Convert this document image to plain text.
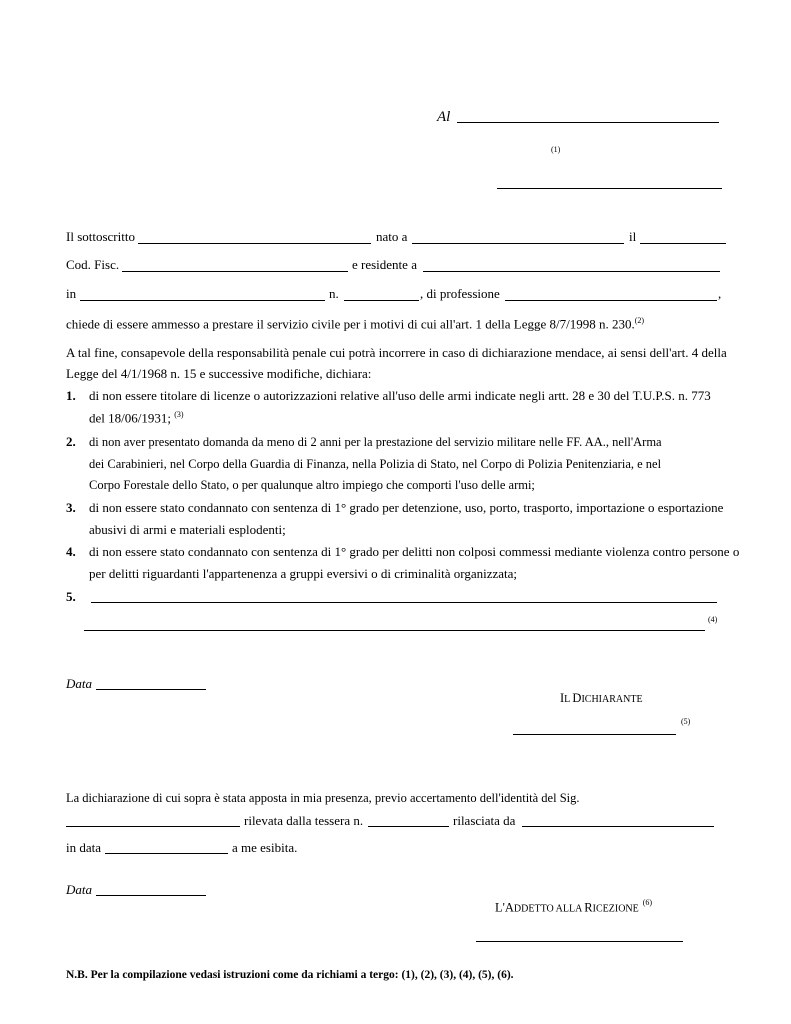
Al
(1)
Il sottoscritto	nato a	il
Cod. Fisc.	e residente a
in	n.	, di professione	,
chiede di essere ammesso a prestare il servizio civile per i motivi di cui all'art. 1 della Legge 8/7/1998 n. 230.$^{(2)}$
A tal fine, consapevole della responsabilità penale cui potrà incorrere in caso di dichiarazione mendace, ai sensi dell'art. 4 della
Legge del 4/1/1968 n. 15 e successive modifiche, dichiara:
1. di non essere titolare di licenze o autorizzazioni relative all'uso delle armi indicate negli artt. 28 e 30 del T.U.P.S. n. 773
del 18/06/1931; $^{(3)}$
2. di non aver presentato domanda da meno di 2 anni per la prestazione del servizio militare nelle FF. AA., nell'Arma
dei Carabinieri, nel Corpo della Guardia di Finanza, nella Polizia di Stato, nel Corpo di Polizia Penitenziaria, e nel
Corpo Forestale dello Stato, o per qualunque altro impiego che comporti l'uso delle armi;
3. di non essere stato condannato con sentenza di 1° grado per detenzione, uso, porto, trasporto, importazione o esportazione
abusivi di armi e materiali esplodenti;
4. di non essere stato condannato con sentenza di 1° grado per delitti non colposi commessi mediante violenza contro persone o
per delitti riguardanti l'appartenenza a gruppi eversivi o di criminalità organizzata;
5.
(4)
Data
IL DICHIARANTE
(5)
La dichiarazione di cui sopra è stata apposta in mia presenza, previo accertamento dell'identità del Sig.
rilevata dalla tessera n.	rilasciata da
in data	a me esibita.
Data
L'ADDETTO ALLA RICEZIONE $^{(6)}$
N.B. Per la compilazione vedasi istruzioni come da richiami a tergo: (1), (2), (3), (4), (5), (6).
